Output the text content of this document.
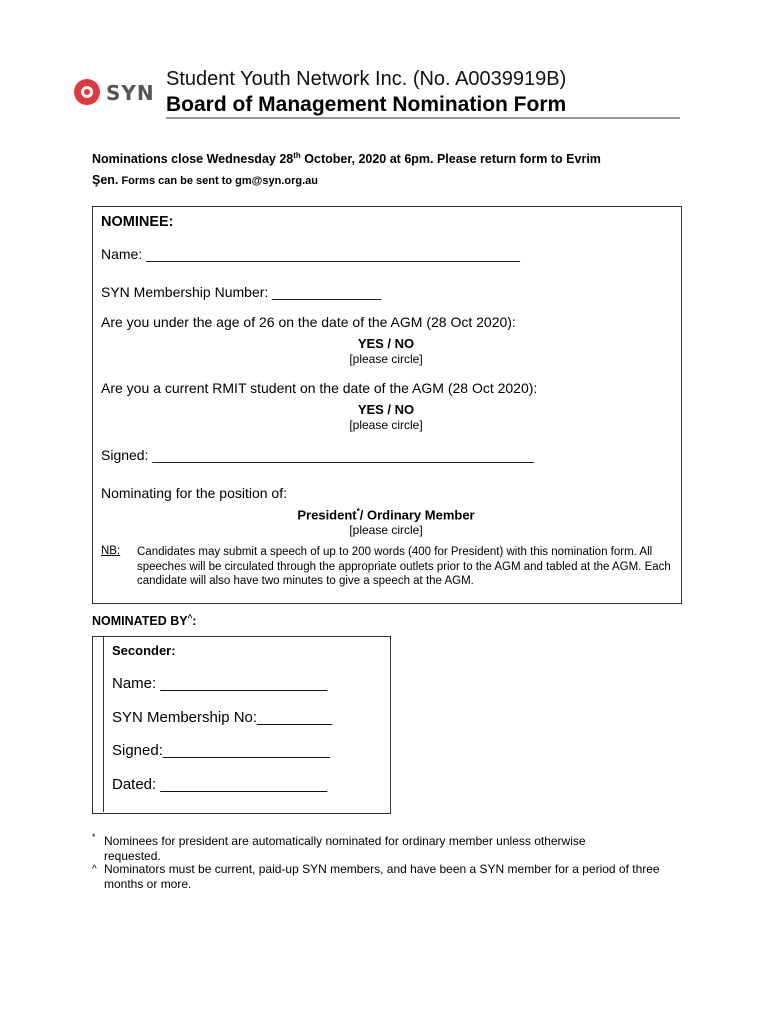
SYN
Student Youth Network Inc. (No. A0039919B)
Board of Management Nomination Form
Nominations close Wednesday 28th October, 2020 at 6pm. Please return form to Evrim
Şen. Forms can be sent to gm@syn.org.au
NOMINEE:
Name: ________________________________________________
SYN Membership Number: ______________
Are you under the age of 26 on the date of the AGM (28 Oct 2020):
YES / NO
[please circle]
Are you a current RMIT student on the date of the AGM (28 Oct 2020):
YES / NO
[please circle]
Signed: _________________________________________________
Nominating for the position of:
President*/ Ordinary Member
[please circle]
NB: Candidates may submit a speech of up to 200 words (400 for President) with this nomination form. All speeches will be circulated through the appropriate outlets prior to the AGM and tabled at the AGM. Each candidate will also have two minutes to give a speech at the AGM.
NOMINATED BY^:
Seconder:
Name: ____________________
SYN Membership No:_________
Signed:____________________
Dated: ____________________
* Nominees for president are automatically nominated for ordinary member unless otherwise requested.
^ Nominators must be current, paid-up SYN members, and have been a SYN member for a period of three months or more.
